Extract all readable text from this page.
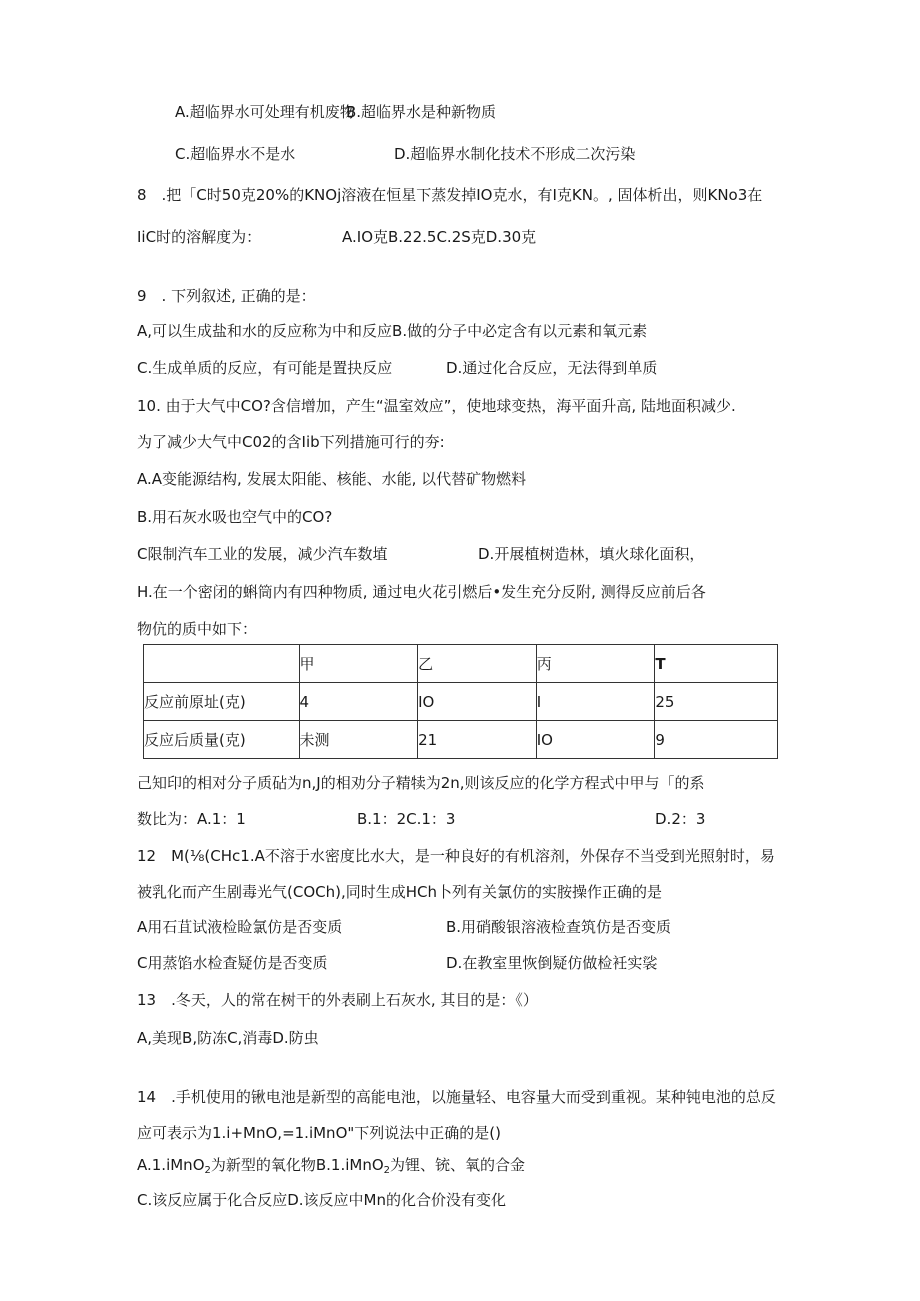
A.超临界水可处理有机废物
B.超临界水是种新物质
C.超临界水不是水	D.超临界水制化技术不形成二次污染
8　.把「C时50克20%的KNOj溶液在恒星下蒸发掉IO克水，有I克KN。, 固体析出，则KNo3在
IiC时的溶解度为：	A.IO克B.22.5C.2S克D.30克
9　. 下列叙述, 正确的是：
A,可以生成盐和水的反应称为中和反应B.做的分子中必定含有以元素和氧元素
C.生成单质的反应，有可能是置抉反应	D.通过化合反应，无法得到单质
10. 由于大气中CO?含信增加，产生“温室效应”，使地球变热，海平面升高, 陆地面积减少.
为了减少大气中C02的含Iib下列措施可行的夯:
A.A变能源结构, 发展太阳能、核能、水能, 以代替矿物燃料
B.用石灰水吸也空气中的CO?
C限制汽车工业的发展，减少汽车数埴	D.开展植树造林，填火球化面积，
H.在一个密闭的蝌筒内有四种物质, 通过电火花引燃后•发生充分反附, 测得反应前后各
物伉的质中如下：
	甲	乙	丙	T
反应前原址(克)	4	IO	I	25
反应后质量(克)	未测	21	IO	9
己知印的相对分子质砧为n,J的相劝分子精犊为2n,则该反应的化学方程式中甲与「的系
数比为：A.1：1	B.1：2C.1：3	D.2：3
12　M(⅛(CHc1.A不溶于水密度比水大，是一种良好的有机溶剂，外保存不当受到光照射时，易
被乳化而产生剧毒光气(COCh),同时生成HCh卜列有关氯仿的实胺操作正确的是
A用石苴试液检睑氯仿是否变质	B.用硝酸银溶液检查筑仿是否变质
C用蒸馅水检査疑仿是否变质	D.在教室里恢倒疑仿做检衽实裟
13　.冬天，人的常在树干的外表刷上石灰水, 其目的是：《）
A,美现B,防冻C,消毒D.防虫
14　.手机使用的锹电池是新型的高能电池，以施量轻、电容量大而受到重视。某种钝电池的总反
应可表示为1.i+MnO,=1.iMnO"下列说法中正确的是()
A.1.iMnO$_2$为新型的氧化物B.1.iMnO$_2$为锂、铳、氧的合金
C.该反应属于化合反应D.该反应中Mn的化合价没有变化
